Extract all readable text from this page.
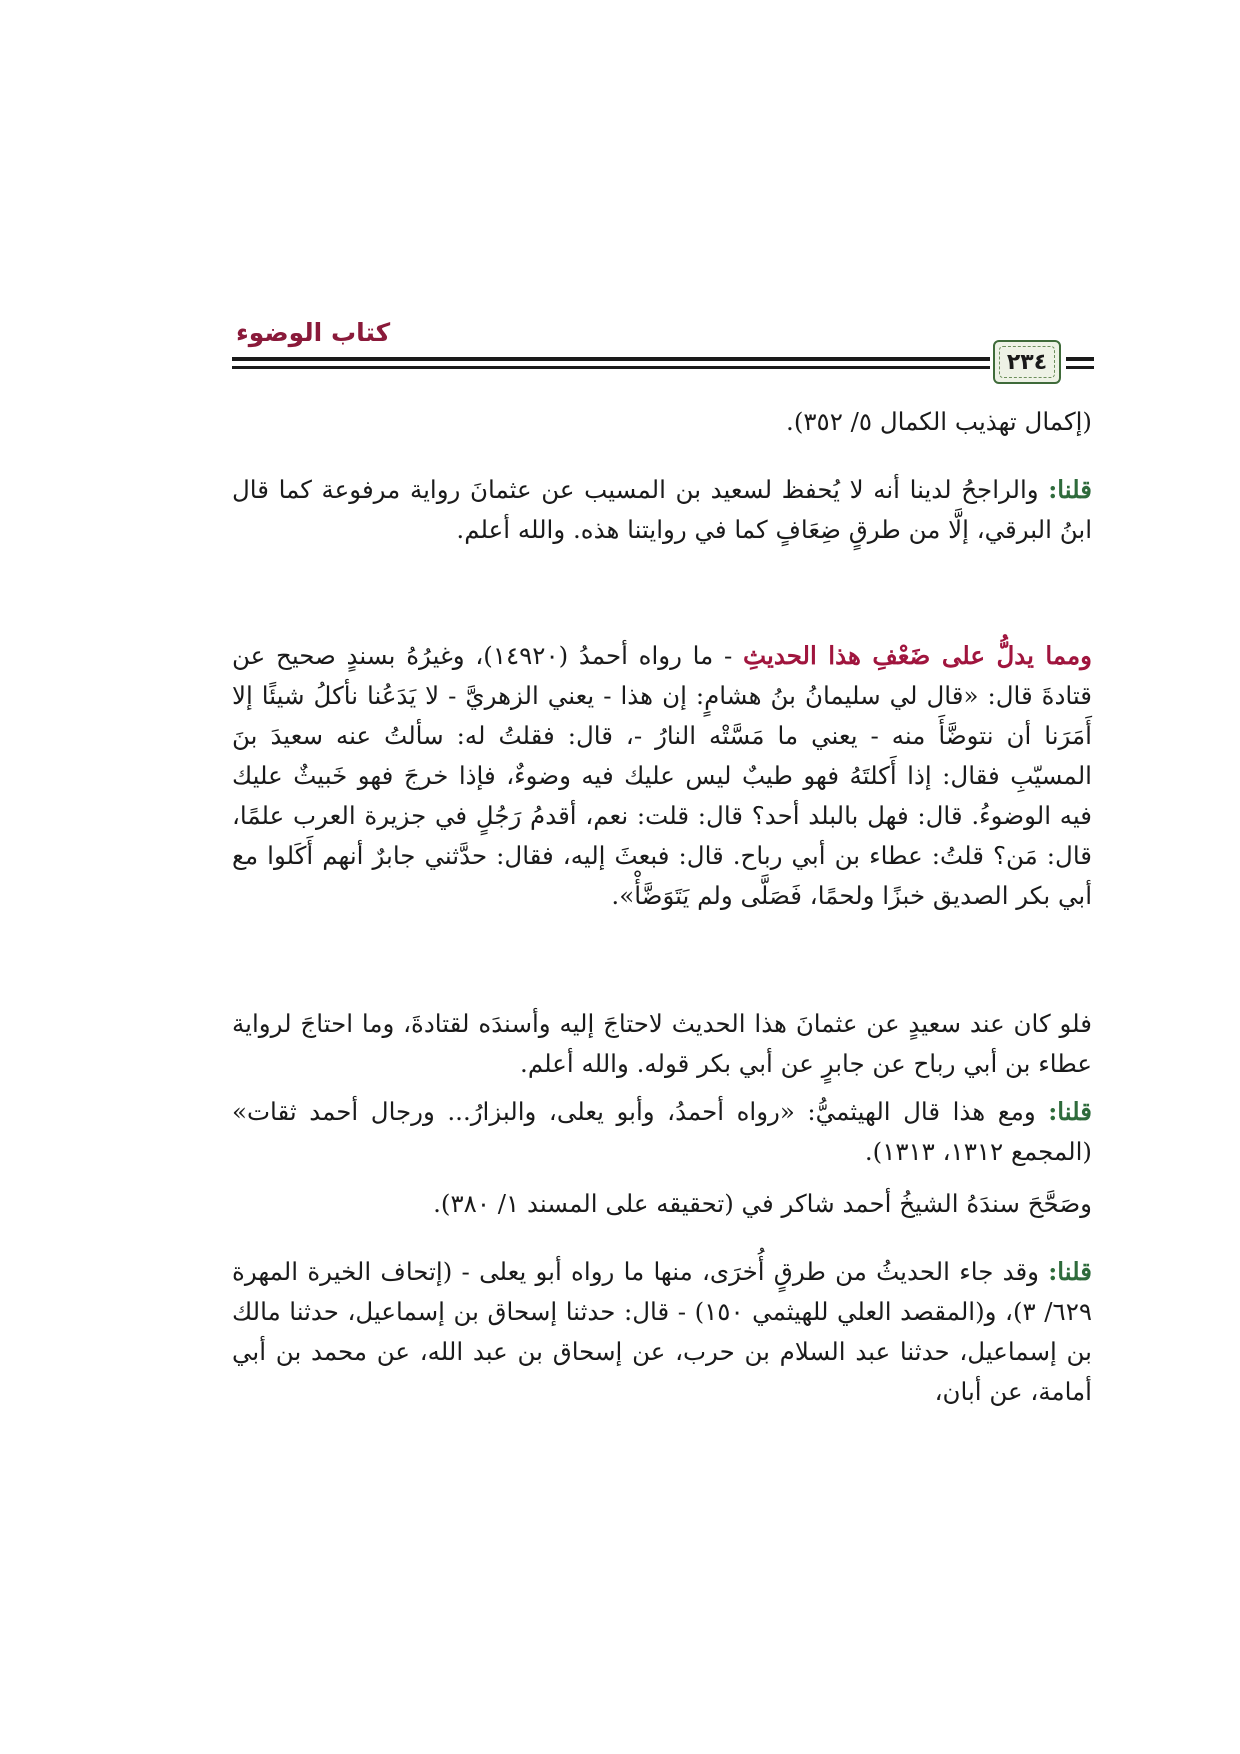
كتاب الوضوء
٢٣٤

(إكمال تهذيب الكمال ٥/ ٣٥٢).

قلنا: والراجحُ لدينا أنه لا يُحفظ لسعيد بن المسيب عن عثمانَ رواية مرفوعة كما قال ابنُ البرقي، إلَّا من طرقٍ ضِعَافٍ كما في روايتنا هذه. والله أعلم.

ومما يدلُّ على ضَعْفِ هذا الحديثِ - ما رواه أحمدُ (١٤٩٢٠)، وغيرُهُ بسندٍ صحيح عن قتادةَ قال: «قال لي سليمانُ بنُ هشامٍ: إن هذا - يعني الزهريَّ - لا يَدَعُنا نأكلُ شيئًا إلا أَمَرَنا أن نتوضَّأَ منه - يعني ما مَسَّتْه النارُ -، قال: فقلتُ له: سألتُ عنه سعيدَ بنَ المسيّبِ فقال: إذا أَكلتَهُ فهو طيبٌ ليس عليك فيه وضوءٌ، فإذا خرجَ فهو خَبيثٌ عليك فيه الوضوءُ. قال: فهل بالبلد أحد؟ قال: قلت: نعم، أقدمُ رَجُلٍ في جزيرة العرب علمًا، قال: مَن؟ قلتُ: عطاء بن أبي رباح. قال: فبعثَ إليه، فقال: حدَّثني جابرٌ أنهم أَكَلوا مع أبي بكر الصديق خبزًا ولحمًا، فَصَلَّى ولم يَتَوَضَّأْ».

فلو كان عند سعيدٍ عن عثمانَ هذا الحديث لاحتاجَ إليه وأسندَه لقتادةَ، وما احتاجَ لرواية عطاء بن أبي رباح عن جابرٍ عن أبي بكر قوله. والله أعلم.

قلنا: ومع هذا قال الهيثميُّ: «رواه أحمدُ، وأبو يعلى، والبزارُ... ورجال أحمد ثقات» (المجمع ١٣١٢، ١٣١٣).

وصَحَّحَ سندَهُ الشيخُ أحمد شاكر في (تحقيقه على المسند ١/ ٣٨٠).

قلنا: وقد جاء الحديثُ من طرقٍ أُخرَى، منها ما رواه أبو يعلى - (إتحاف الخيرة المهرة ٦٢٩/ ٣)، و(المقصد العلي للهيثمي ١٥٠) - قال: حدثنا إسحاق بن إسماعيل، حدثنا مالك بن إسماعيل، حدثنا عبد السلام بن حرب، عن إسحاق بن عبد الله، عن محمد بن أبي أمامة، عن أبان،
